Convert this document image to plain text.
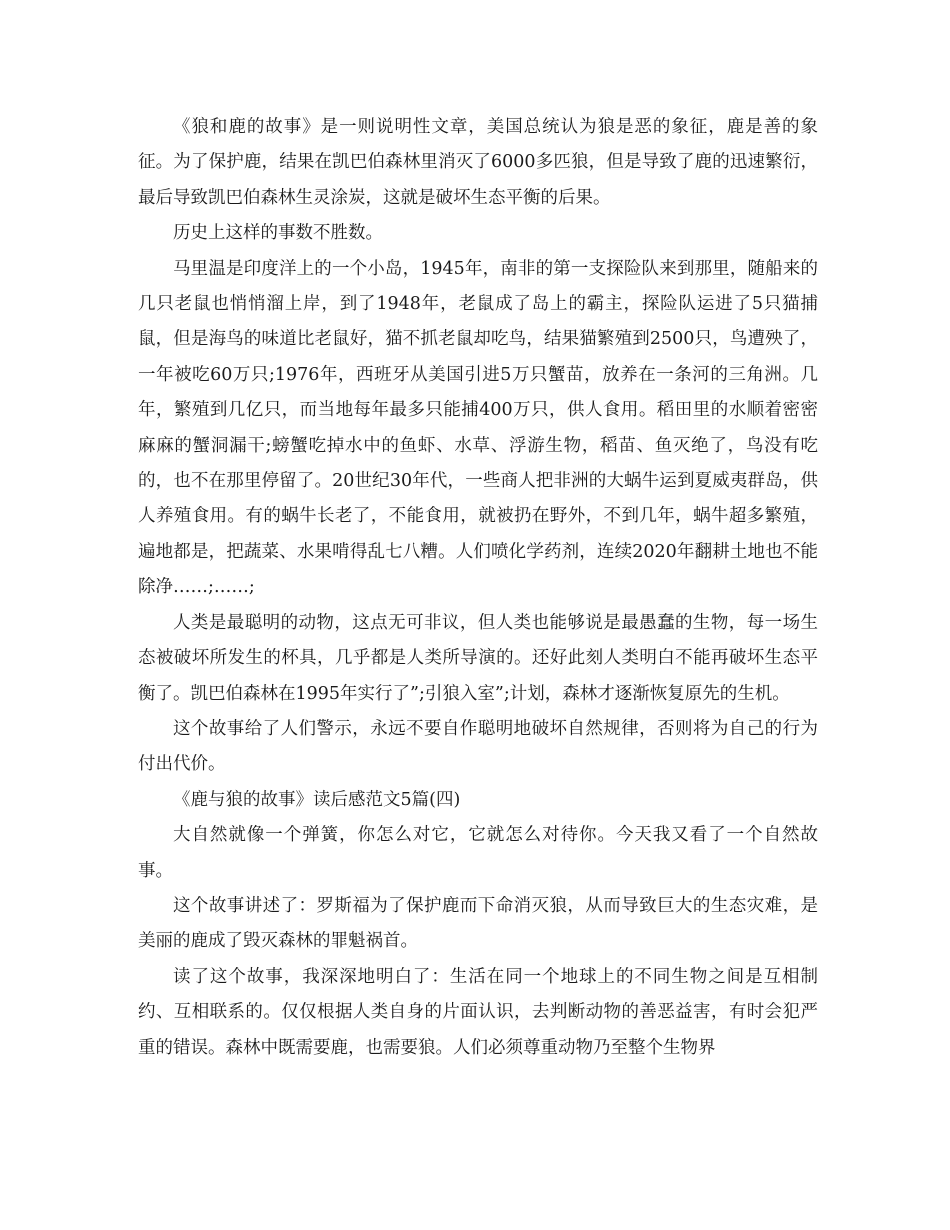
《狼和鹿的故事》是一则说明性文章，美国总统认为狼是恶的象征，鹿是善的象征。为了保护鹿，结果在凯巴伯森林里消灭了6000多匹狼，但是导致了鹿的迅速繁衍，最后导致凯巴伯森林生灵涂炭，这就是破坏生态平衡的后果。

历史上这样的事数不胜数。

马里温是印度洋上的一个小岛，1945年，南非的第一支探险队来到那里，随船来的几只老鼠也悄悄溜上岸，到了1948年，老鼠成了岛上的霸主，探险队运进了5只猫捕鼠，但是海鸟的味道比老鼠好，猫不抓老鼠却吃鸟，结果猫繁殖到2500只，鸟遭殃了，一年被吃60万只;1976年，西班牙从美国引进5万只蟹苗，放养在一条河的三角洲。几年，繁殖到几亿只，而当地每年最多只能捕400万只，供人食用。稻田里的水顺着密密麻麻的蟹洞漏干;螃蟹吃掉水中的鱼虾、水草、浮游生物，稻苗、鱼灭绝了，鸟没有吃的，也不在那里停留了。20世纪30年代，一些商人把非洲的大蜗牛运到夏威夷群岛，供人养殖食用。有的蜗牛长老了，不能食用，就被扔在野外，不到几年，蜗牛超多繁殖，遍地都是，把蔬菜、水果啃得乱七八糟。人们喷化学药剂，连续2020年翻耕土地也不能除净……;……;

人类是最聪明的动物，这点无可非议，但人类也能够说是最愚蠢的生物，每一场生态被破坏所发生的杯具，几乎都是人类所导演的。还好此刻人类明白不能再破坏生态平衡了。凯巴伯森林在1995年实行了”;引狼入室”;计划，森林才逐渐恢复原先的生机。

这个故事给了人们警示，永远不要自作聪明地破坏自然规律，否则将为自己的行为付出代价。

《鹿与狼的故事》读后感范文5篇(四)

大自然就像一个弹簧，你怎么对它，它就怎么对待你。今天我又看了一个自然故事。

这个故事讲述了：罗斯福为了保护鹿而下命消灭狼，从而导致巨大的生态灾难，是美丽的鹿成了毁灭森林的罪魁祸首。

读了这个故事，我深深地明白了：生活在同一个地球上的不同生物之间是互相制约、互相联系的。仅仅根据人类自身的片面认识，去判断动物的善恶益害，有时会犯严重的错误。森林中既需要鹿，也需要狼。人们必须尊重动物乃至整个生物界
